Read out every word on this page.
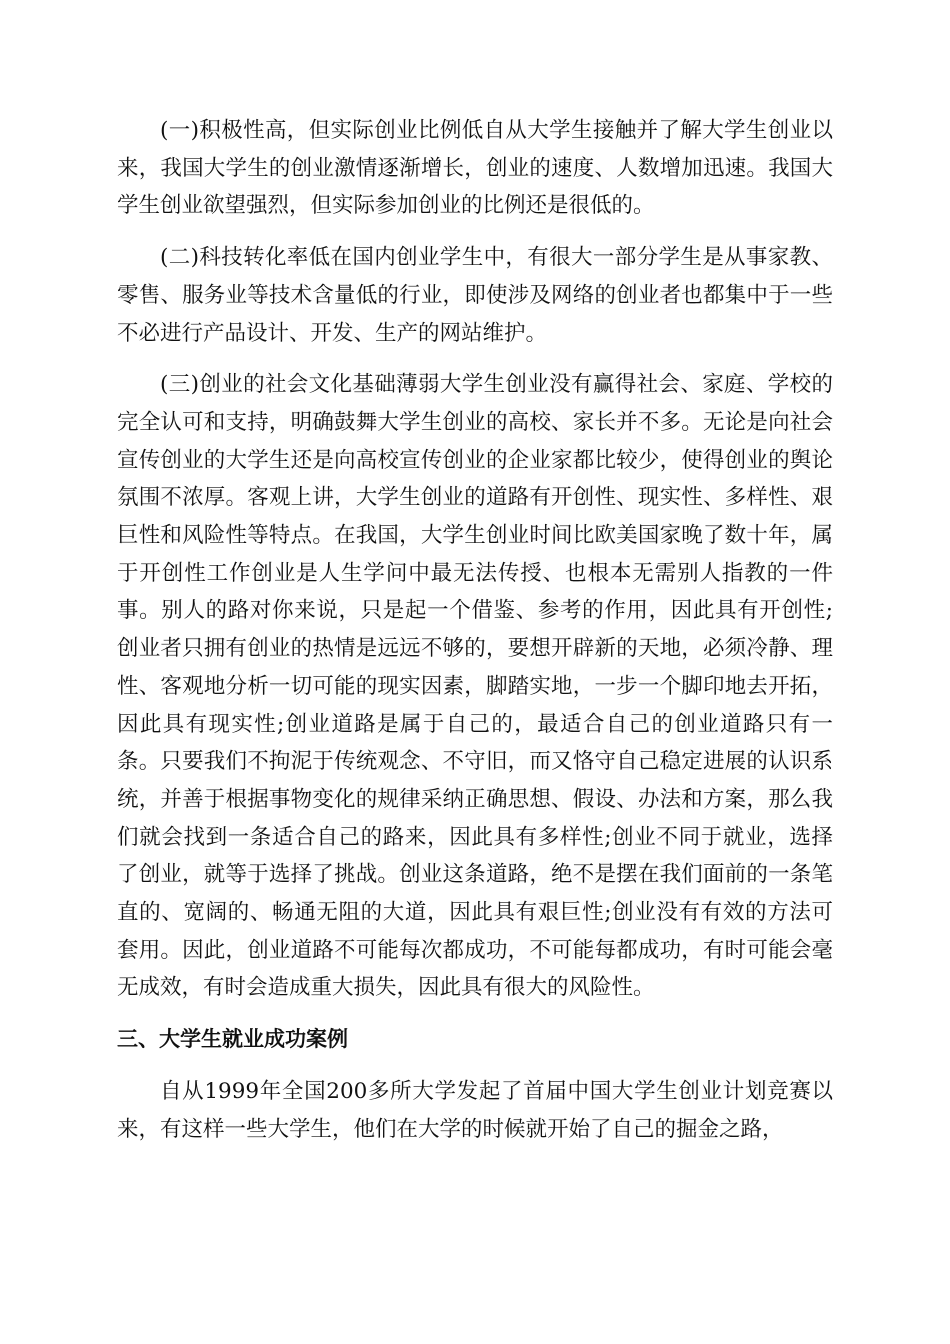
(一)积极性高，但实际创业比例低自从大学生接触并了解大学生创业以来，我国大学生的创业激情逐渐增长，创业的速度、人数增加迅速。我国大学生创业欲望强烈，但实际参加创业的比例还是很低的。

(二)科技转化率低在国内创业学生中，有很大一部分学生是从事家教、零售、服务业等技术含量低的行业，即使涉及网络的创业者也都集中于一些不必进行产品设计、开发、生产的网站维护。

(三)创业的社会文化基础薄弱大学生创业没有赢得社会、家庭、学校的完全认可和支持，明确鼓舞大学生创业的高校、家长并不多。无论是向社会宣传创业的大学生还是向高校宣传创业的企业家都比较少，使得创业的舆论氛围不浓厚。客观上讲，大学生创业的道路有开创性、现实性、多样性、艰巨性和风险性等特点。在我国，大学生创业时间比欧美国家晚了数十年，属于开创性工作创业是人生学问中最无法传授、也根本无需别人指教的一件事。别人的路对你来说，只是起一个借鉴、参考的作用，因此具有开创性;创业者只拥有创业的热情是远远不够的，要想开辟新的天地，必须冷静、理性、客观地分析一切可能的现实因素，脚踏实地，一步一个脚印地去开拓，因此具有现实性;创业道路是属于自己的，最适合自己的创业道路只有一条。只要我们不拘泥于传统观念、不守旧，而又恪守自己稳定进展的认识系统，并善于根据事物变化的规律采纳正确思想、假设、办法和方案，那么我们就会找到一条适合自己的路来，因此具有多样性;创业不同于就业，选择了创业，就等于选择了挑战。创业这条道路，绝不是摆在我们面前的一条笔直的、宽阔的、畅通无阻的大道，因此具有艰巨性;创业没有有效的方法可套用。因此，创业道路不可能每次都成功，不可能每都成功，有时可能会毫无成效，有时会造成重大损失，因此具有很大的风险性。

三、大学生就业成功案例

自从1999年全国200多所大学发起了首届中国大学生创业计划竞赛以来，有这样一些大学生，他们在大学的时候就开始了自己的掘金之路，
